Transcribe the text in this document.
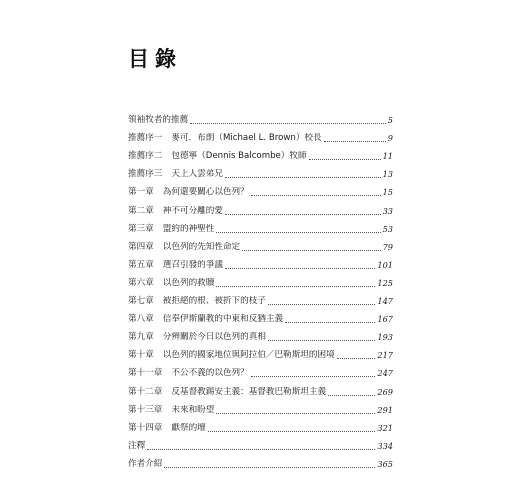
目錄
領袖牧者的推薦	5
推薦序一 麥可．布朗（Michael L. Brown）校長	9
推薦序二 包德寧（Dennis Balcombe）牧師	11
推薦序三 天上人雲弟兄	13
第一章 為何還要關心以色列？	15
第二章 神不可分離的愛	33
第三章 盟約的神聖性	53
第四章 以色列的先知性命定	79
第五章 選召引發的爭議	101
第六章 以色列的救贖	125
第七章 被拒絕的根、被折下的枝子	147
第八章 信奉伊斯蘭教的中東和反猶主義	167
第九章 分辨關於今日以色列的真相	193
第十章 以色列的國家地位與阿拉伯／巴勒斯坦的困境	217
第十一章 不公不義的以色列？	247
第十二章 反基督教錫安主義：基督教巴勒斯坦主義	269
第十三章 未來和盼望	291
第十四章 獻祭的壇	321
注釋	334
作者介紹	365
